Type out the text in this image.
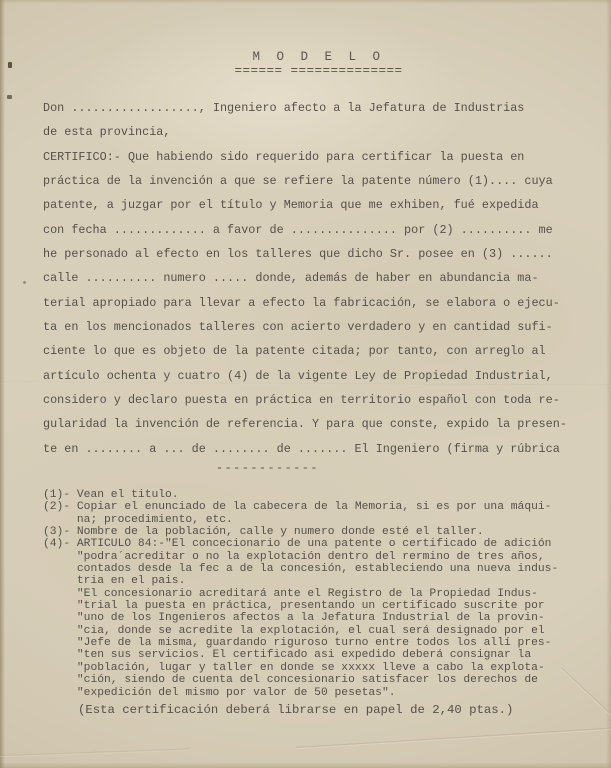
M O D E L O
====== ==============
Don .................., Ingeniero afecto a la Jefatura de Industrias
de esta provincia,
CERTIFICO:- Que habiendo sido requerido para certificar la puesta en
práctica de la invención a que se refiere la patente número (1).... cuya
patente, a juzgar por el título y Memoria que me exhiben, fué expedida
con fecha ............. a favor de ............... por (2) .......... me
he personado al efecto en los talleres que dicho Sr. posee en (3) ......
calle .......... numero ..... donde, además de haber en abundancia ma-
terial apropiado para llevar a efecto la fabricación, se elabora o ejecu-
ta en los mencionados talleres con acierto verdadero y en cantidad sufi-
ciente lo que es objeto de la patente citada; por tanto, con arreglo al
artículo ochenta y cuatro (4) de la vigente Ley de Propiedad Industrial,
considero y declaro puesta en práctica en territorio español con toda re-
gularidad la invención de referencia. Y para que conste, expido la presen-
te en ........ a ... de ........ de ....... El Ingeniero (firma y rúbrica
------------
(1)- Vean el titulo.
(2)- Copiar el enunciado de la cabecera de la Memoria, si es por una máqui-
na; procedimiento, etc.
(3)- Nombre de la población, calle y numero donde esté el taller.
(4)- ARTICULO 84:-"El concecionario de una patente o certificado de adición
"podra´acreditar o no la explotación dentro del rermino de tres años,
contados desde la fec a de la concesión, estableciendo una nueva indus-
tria en el pais.
"El concesionario acreditará ante el Registro de la Propiedad Indus-
"trial la puesta en práctica, presentando un certificado suscrite por
"uno de los Ingenieros afectos a la Jefatura Industrial de la provin-
"cia, donde se acredite la explotación, el cual será designado por el
"Jefe de la misma, guardando riguroso turno entre todos los allí pres-
"ten sus servicios. El certificado asi expedido deberá consignar la
"población, lugar y taller en donde se xxxxx lleve a cabo la explota-
"ción, siendo de cuenta del concesionario satisfacer los derechos de
"expedición del mismo por valor de 50 pesetas".
(Esta certificación deberá librarse en papel de 2,40 ptas.)
